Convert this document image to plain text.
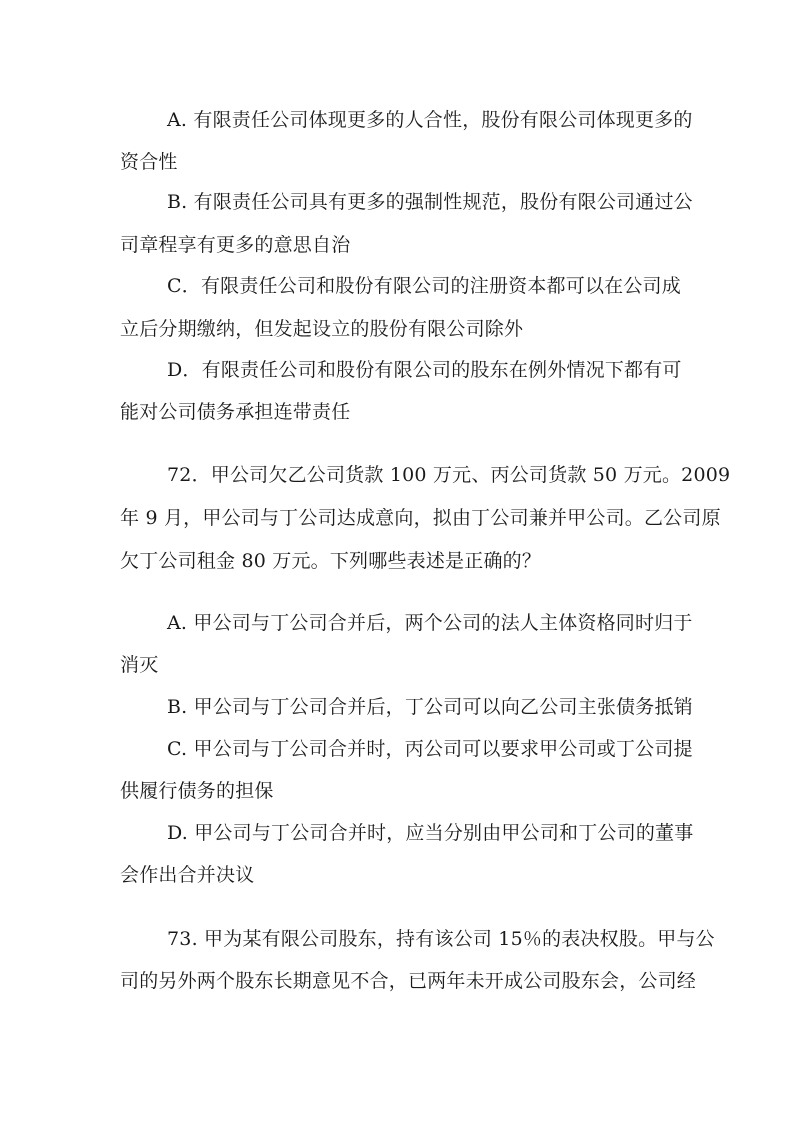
A. 有限责任公司体现更多的人合性，股份有限公司体现更多的
资合性
B. 有限责任公司具有更多的强制性规范，股份有限公司通过公
司章程享有更多的意思自治
C．有限责任公司和股份有限公司的注册资本都可以在公司成
立后分期缴纳，但发起设立的股份有限公司除外
D．有限责任公司和股份有限公司的股东在例外情况下都有可
能对公司债务承担连带责任
72．甲公司欠乙公司货款 100 万元、丙公司货款 50 万元。2009
年 9 月，甲公司与丁公司达成意向，拟由丁公司兼并甲公司。乙公司原
欠丁公司租金 80 万元。下列哪些表述是正确的？
A. 甲公司与丁公司合并后，两个公司的法人主体资格同时归于
消灭
B. 甲公司与丁公司合并后，丁公司可以向乙公司主张债务抵销
C. 甲公司与丁公司合并时，丙公司可以要求甲公司或丁公司提
供履行债务的担保
D. 甲公司与丁公司合并时，应当分别由甲公司和丁公司的董事
会作出合并决议
73. 甲为某有限公司股东，持有该公司 15％的表决权股。甲与公
司的另外两个股东长期意见不合，已两年未开成公司股东会，公司经
